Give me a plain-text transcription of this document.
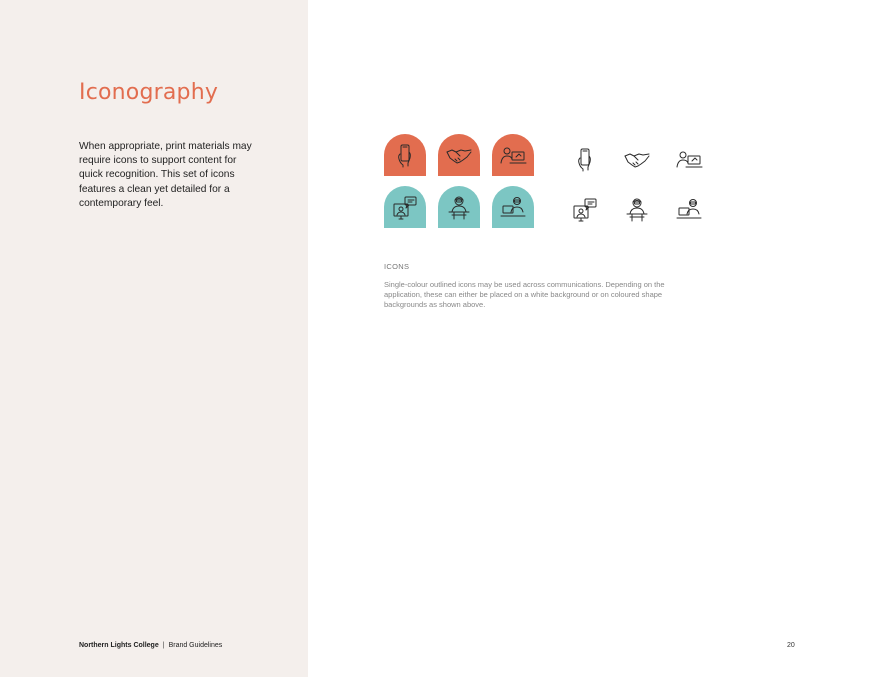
Iconography

When appropriate, print materials may require icons to support content for quick recognition. This set of icons features a clean yet detailed for a contemporary feel.

Northern Lights College | Brand Guidelines
ICONS

Single-colour outlined icons may be used across communications. Depending on the application, these can either be placed on a white background or on coloured shape backgrounds as shown above.

20
